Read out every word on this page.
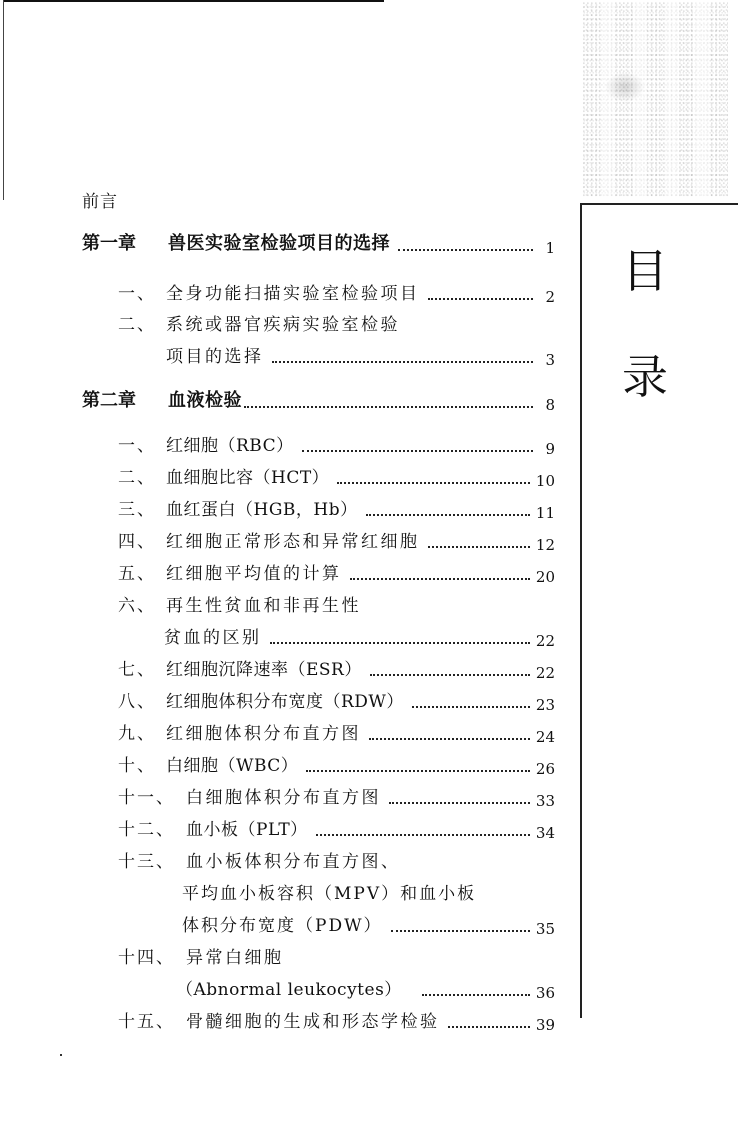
目
录
前言
第一章	兽医实验室检验项目的选择	1
一、 全身功能扫描实验室检验项目	2
二、 系统或器官疾病实验室检验
项目的选择	3
第二章	血液检验	8
一、 红细胞（RBC）	9
二、 血细胞比容（HCT）	10
三、 血红蛋白（HGB，Hb）	11
四、 红细胞正常形态和异常红细胞	12
五、 红细胞平均值的计算	20
六、 再生性贫血和非再生性
贫血的区别	22
七、 红细胞沉降速率（ESR）	22
八、 红细胞体积分布宽度（RDW）	23
九、 红细胞体积分布直方图	24
十、 白细胞（WBC）	26
十一、 白细胞体积分布直方图	33
十二、 血小板（PLT）	34
十三、 血小板体积分布直方图、
平均血小板容积（MPV）和血小板
体积分布宽度（PDW）	35
十四、 异常白细胞
（Abnormal leukocytes）	36
十五、 骨髓细胞的生成和形态学检验	39
